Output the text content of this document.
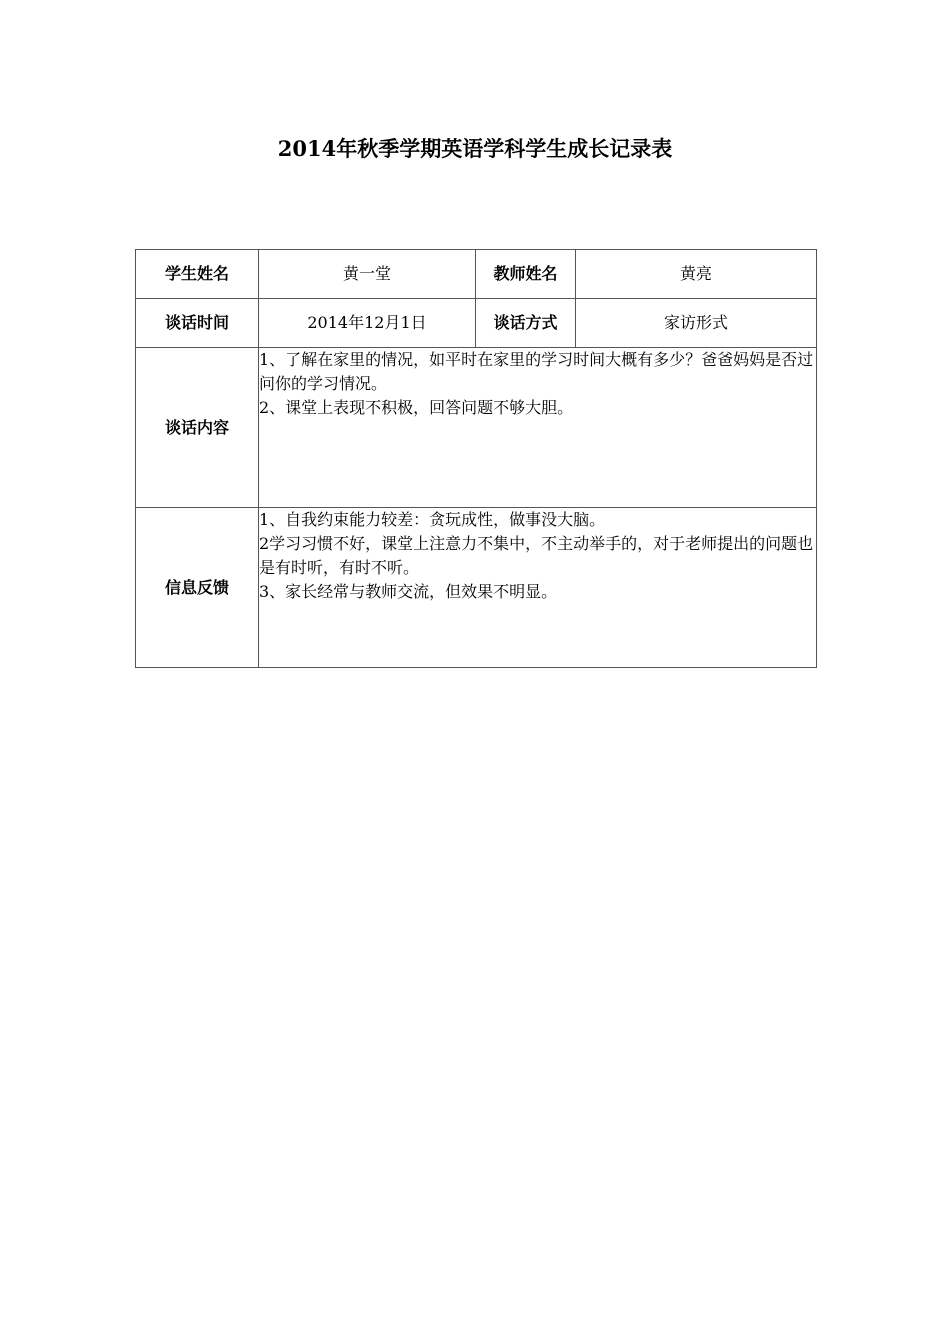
2014年秋季学期英语学科学生成长记录表
学生姓名	黄一堂	教师姓名	黄亮
谈话时间	2014年12月1日	谈话方式	家访形式
谈话内容	1、了解在家里的情况，如平时在家里的学习时间大概有多少？爸爸妈妈是否过问你的学习情况。
2、课堂上表现不积极，回答问题不够大胆。		

信息反馈	1、自我约束能力较差：贪玩成性，做事没大脑。
2学习习惯不好，课堂上注意力不集中，不主动举手的，对于老师提出的问题也是有时听，有时不听。
3、家长经常与教师交流，但效果不明显。		
